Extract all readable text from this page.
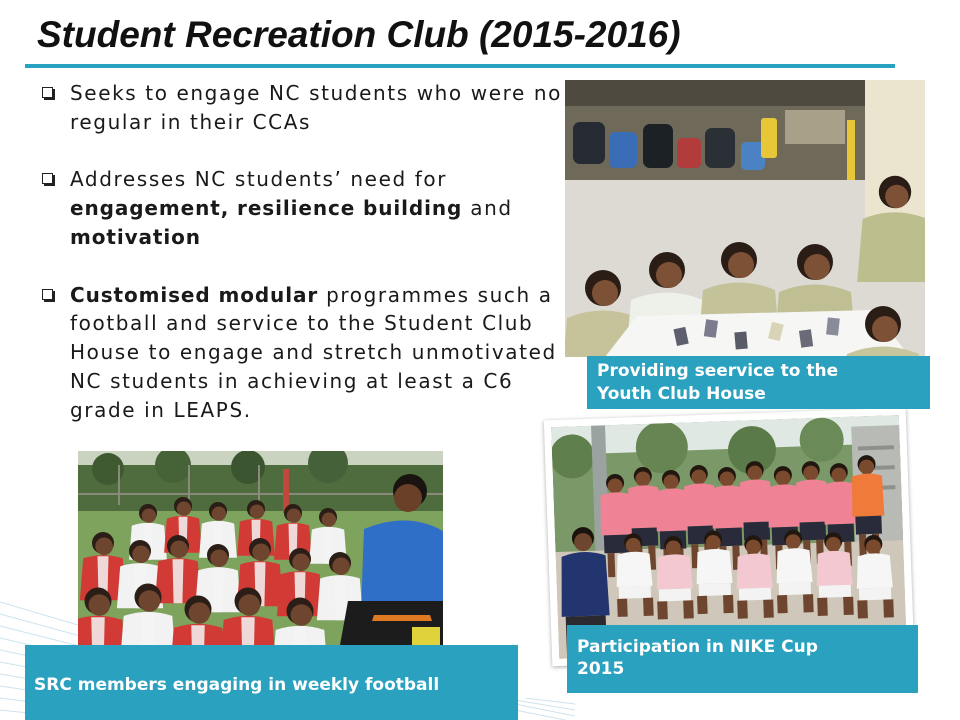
Student Recreation Club (2015-2016)
Seeks to engage NC students who were no
regular in their CCAs
Addresses NC students’ need for
engagement, resilience building and
motivation
Customised modular programmes such a
football and service to the Student Club
House to engage and stretch unmotivated
NC students in achieving at least a C6
grade in LEAPS.
Providing seervice to the
Youth Club House
SRC members engaging in weekly football
Participation in NIKE Cup
2015
